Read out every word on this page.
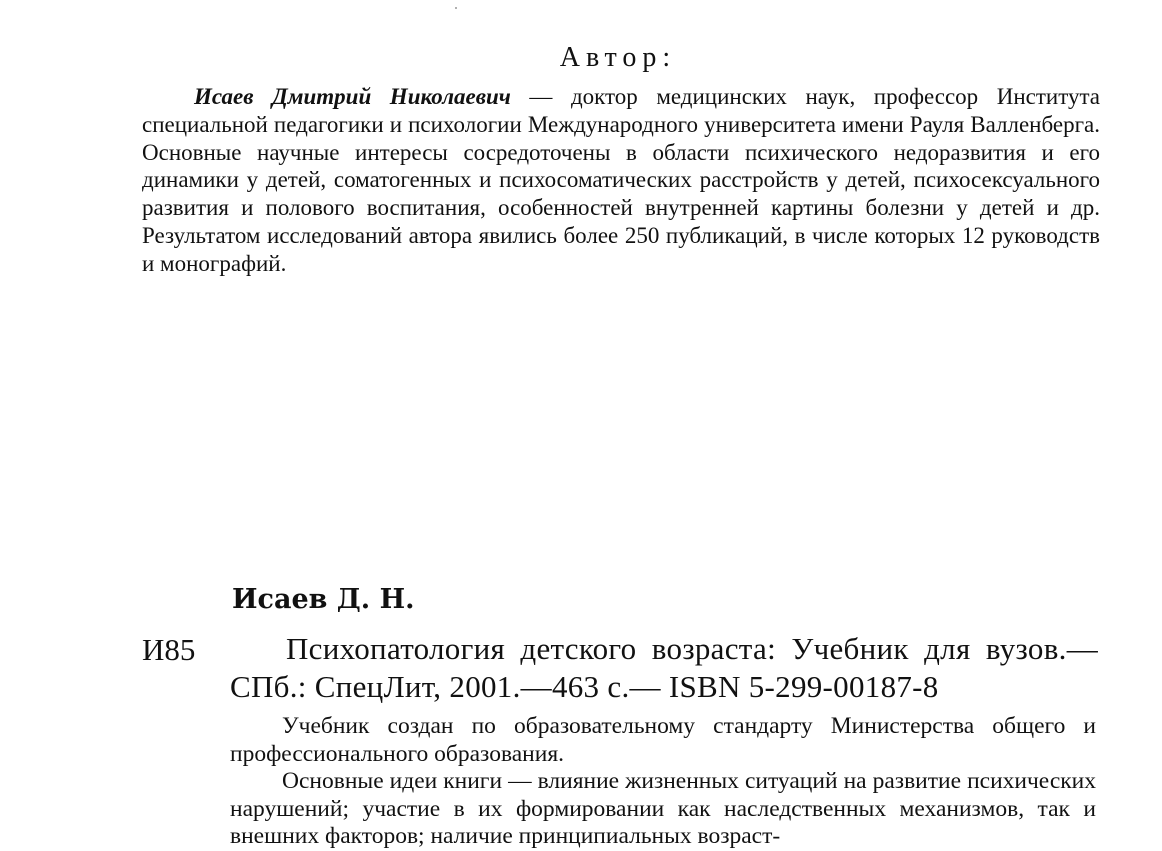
Автор:

Исаев Дмитрий Николаевич — доктор медицинских наук, профессор Института специальной педагогики и психологии Международного университета имени Рауля Валленберга. Основные научные интересы сосредоточены в области психического недоразвития и его динамики у детей, соматогенных и психосоматических расстройств у детей, психосексуального развития и полового воспитания, особенностей внутренней картины болезни у детей и др. Результатом исследований автора явились более 250 публикаций, в числе которых 12 руководств и монографий.

Исаев Д. Н.
И85	Психопатология детского возраста: Учебник для вузов.— СПб.: СпецЛит, 2001.—463 с.— ISBN 5-299-00187-8

Учебник создан по образовательному стандарту Министерства общего и профессионального образования.

Основные идеи книги — влияние жизненных ситуаций на развитие психических нарушений; участие в их формировании как наследственных механизмов, так и внешних факторов; наличие принципиальных возраст-
